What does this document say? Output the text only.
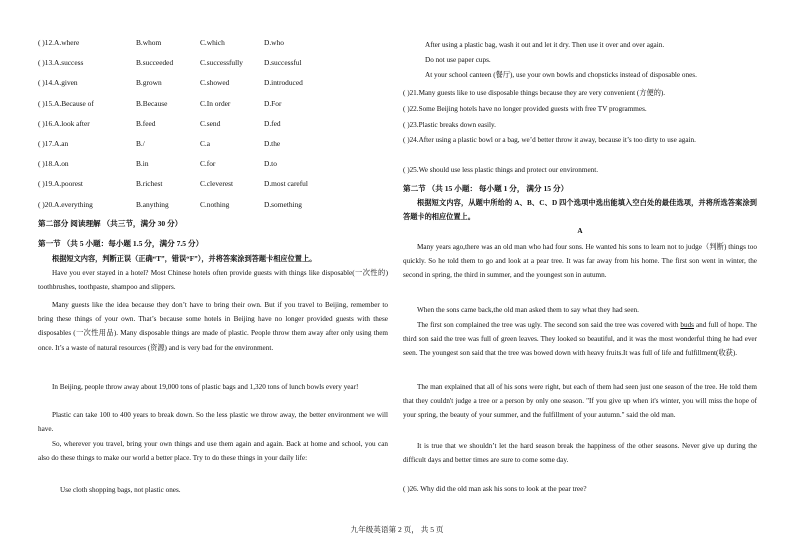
( )12.A.where	B.whom	C.which	D.who
( )13.A.success	B.succeeded	C.successfully	D.successful
( )14.A.given	B.grown	C.showed	D.introduced
( )15.A.Because of	B.Because	C.In order	D.For
( )16.A.look after	B.feed	C.send	D.fed
( )17.A.an	B./	C.a	D.the
( )18.A.on	B.in	C.for	D.to
( )19.A.poorest	B.richest	C.cleverest	D.most careful
( )20.A.everything	B.anything	C.nothing	D.something
第二部分 阅读理解 （共三节，满分 30 分）
第一节 （共 5 小题：每小题 1.5 分，满分 7.5 分）
根据短文内容，判断正误（正确“T”，错误“F”），并将答案涂到答题卡相应位置上。
Have you ever stayed in a hotel? Most Chinese hotels often provide guests with things like disposable(一次性的) toothbrushes, toothpaste, shampoo and slippers.
Many guests like the idea because they don’t have to bring their own. But if you travel to Beijing, remember to bring these things of your own. That’s because some hotels in Beijing have no longer provided guests with these disposables (一次性用品). Many disposable things are made of plastic. People throw them away after only using them once. It’s a waste of natural resources (资源) and is very bad for the environment.
In Beijing, people throw away about 19,000 tons of plastic bags and 1,320 tons of lunch bowls every year!
Plastic can take 100 to 400 years to break down. So the less plastic we throw away, the better environment we will have.
So, wherever you travel, bring your own things and use them again and again. Back at home and school, you can also do these things to make our world a better place. Try to do these things in your daily life:
Use cloth shopping bags, not plastic ones.
After using a plastic bag, wash it out and let it dry. Then use it over and over again.
Do not use paper cups.
At your school canteen (餐厅), use your own bowls and chopsticks instead of disposable ones.
( )21.Many guests like to use disposable things because they are very convenient (方便的).
( )22.Some Beijing hotels have no longer provided guests with free TV programmes.
( )23.Plastic breaks down easily.
( )24.After using a plastic bowl or a bag, we’d better throw it away, because it’s too dirty to use again.
( )25.We should use less plastic things and protect our environment.
第二节 （共 15 小题： 每小题 1 分， 满分 15 分）
根据短文内容，从题中所给的 A、B、C、D 四个选项中选出能填入空白处的最佳选项，并将所选答案涂到答题卡的相应位置上。
A
Many years ago,there was an old man who had four sons. He wanted his sons to learn not to judge（判断) things too quickly. So he told them to go and look at a pear tree. It was far away from his home. The first son went in winter, the second in spring, the third in summer, and the youngest son in autumn.
When the sons came back,the old man asked them to say what they had seen.
The first son complained the tree was ugly. The second son said the tree was covered with buds and full of hope. The third son said the tree was full of green leaves. They looked so beautiful, and it was the most wonderful thing he had ever seen. The youngest son said that the tree was bowed down with heavy fruits.It was full of life and fulfillment(收获).
The man explained that all of his sons were right, but each of them had seen just one season of the tree. He told them that they couldn't judge a tree or a person by only one season. "If you give up when it's winter, you will miss the hope of your spring, the beauty of your summer, and the fulfillment of your autumn." said the old man.
It is true that we shouldn’t let the hard season break the happiness of the other seasons. Never give up during the difficult days and better times are sure to come some day.
( )26. Why did the old man ask his sons to look at the pear tree?
九年级英语第 2 页， 共 5 页
